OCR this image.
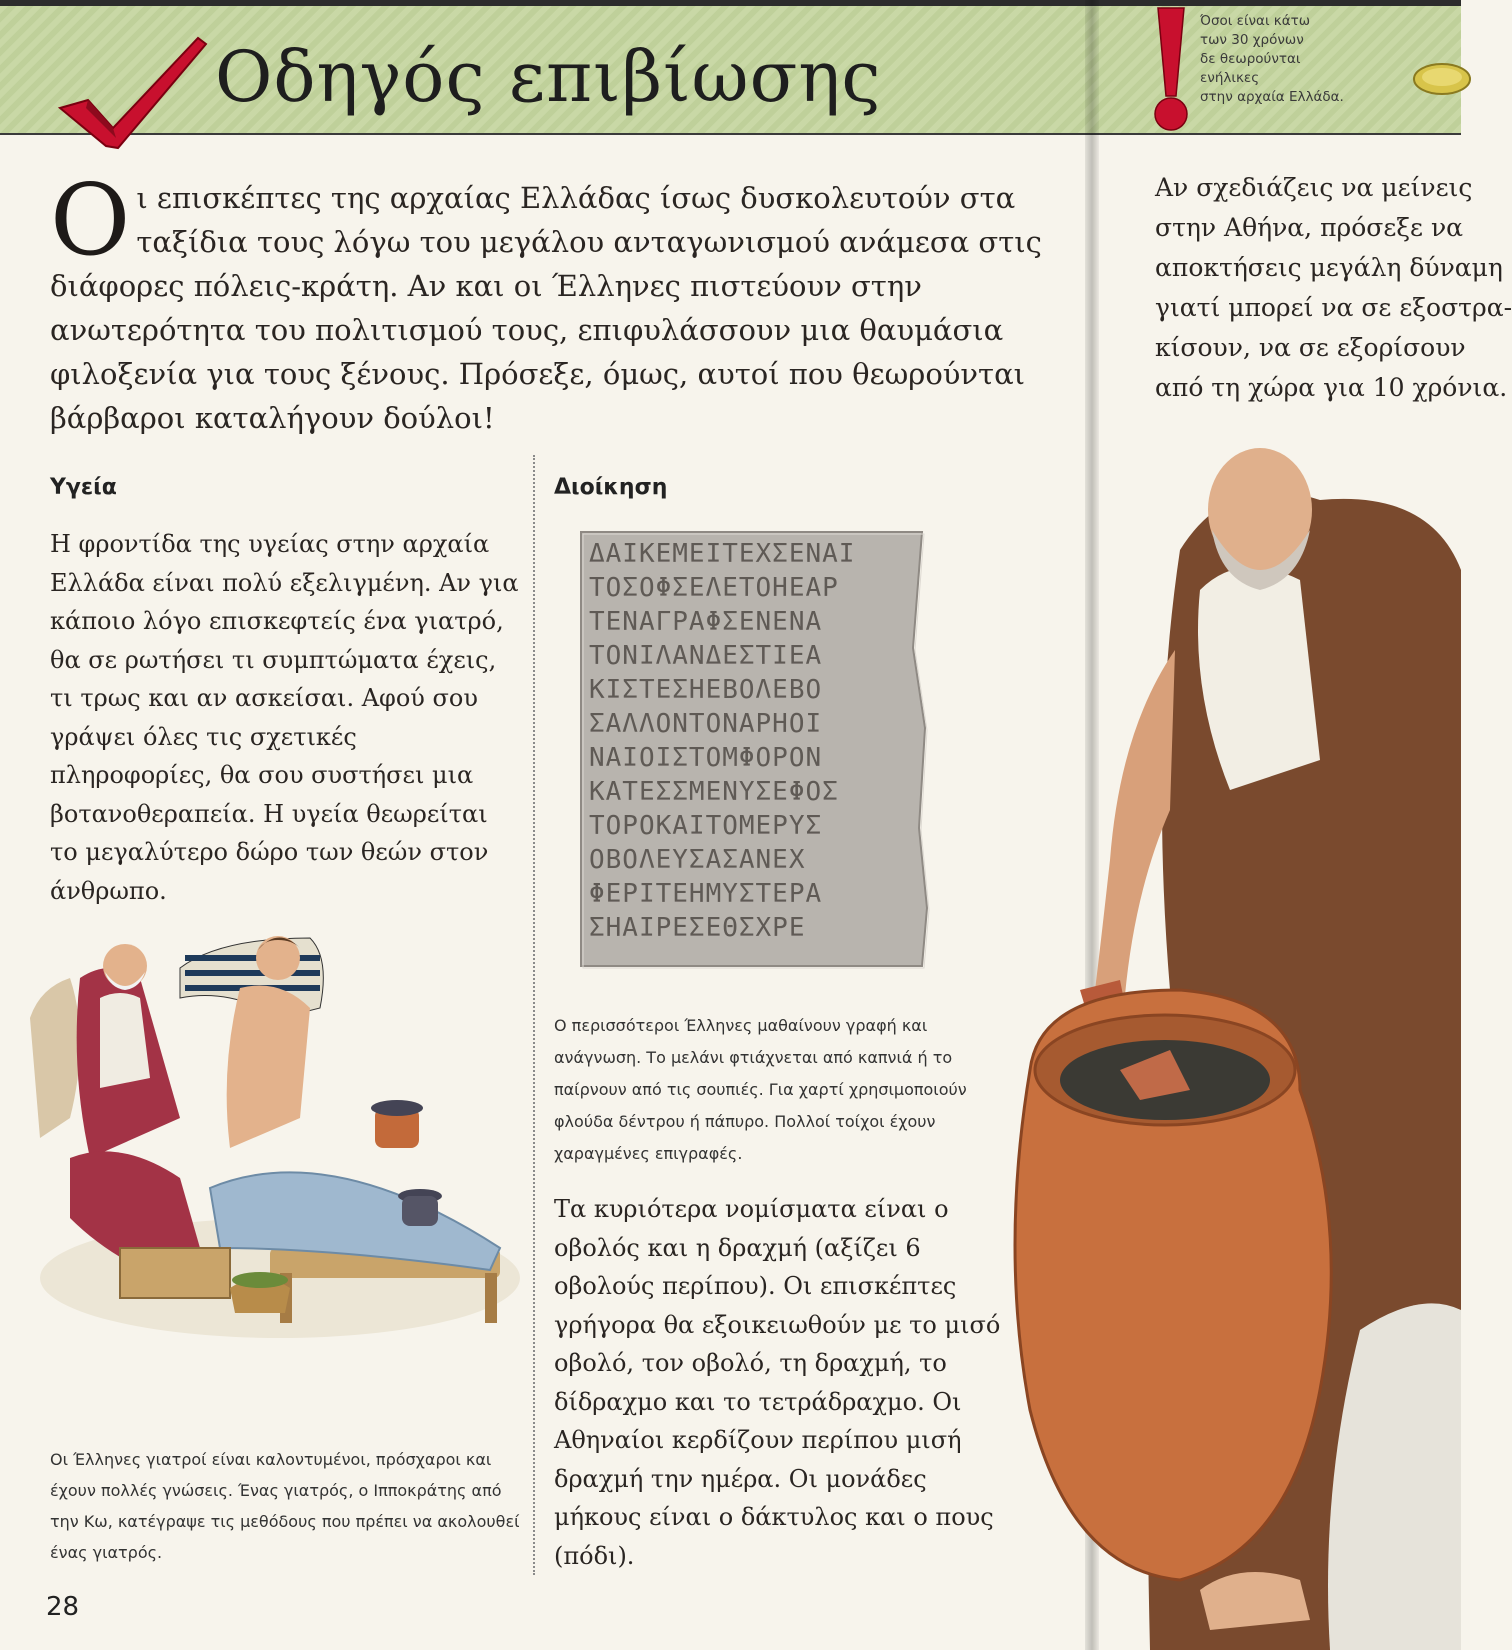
Οδηγός επιβίωσης
Όσοι είναι κάτω
των 30 χρόνων
δε θεωρούνται
ενήλικες
στην αρχαία Ελλάδα.
Ο ι επισκέπτες της αρχαίας Ελλάδας ίσως δυσκολευτούν στα ταξίδια τους λόγω του μεγάλου ανταγωνισμού ανάμεσα στις διάφορες πόλεις-κράτη. Αν και οι Έλληνες πιστεύουν στην ανωτερότητα του πολιτισμού τους, επιφυλάσσουν μια θαυμάσια φιλοξενία για τους ξένους. Πρόσεξε, όμως, αυτοί που θεωρούνται βάρβαροι καταλήγουν δούλοι!
Αν σχεδιάζεις να μείνεις
στην Αθήνα, πρόσεξε να
αποκτήσεις μεγάλη δύναμη
γιατί μπορεί να σε εξοστρα-
κίσουν, να σε εξορίσουν
από τη χώρα για 10 χρόνια.
Υγεία
Η φροντίδα της υγείας στην αρχαία Ελλάδα είναι πολύ εξελιγμένη. Αν για κάποιο λόγο επισκεφτείς ένα γιατρό, θα σε ρωτήσει τι συμπτώματα έχεις, τι τρως και αν ασκείσαι. Αφού σου γράψει όλες τις σχετικές πληροφορίες, θα σου συστήσει μια βοτανοθεραπεία. Η υγεία θεωρείται το μεγαλύτερο δώρο των θεών στον άνθρωπο.
Οι Έλληνες γιατροί είναι καλοντυμένοι, πρόσχαροι και έχουν πολλές γνώσεις. Ένας γιατρός, ο Ιπποκράτης από την Κω, κατέγραψε τις μεθόδους που πρέπει να ακολουθεί ένας γιατρός.
Διοίκηση
ΔΑΙΚΕΜΕΙΤΕΧΣΕΝΑΙ
ΤΟΣΟΦΣΕΛΕΤΟΗΕΑΡ
ΤΕΝΑΓΡΑΦΣΕΝΕΝΑ
ΤΟΝΙΛΑΝΔΕΣΤΙΕΑ
ΚΙΣΤΕΣΗΕΒΟΛΕΒΟ
ΣΑΛΛΟΝΤΟΝΑΡΗΟΙ
ΝΑΙΟΙΣΤΟΜΦΟΡΟΝ
ΚΑΤΕΣΣΜΕΝΥΣΕΦΟΣ
ΤΟΡΟΚΑΙΤΟΜΕΡΥΣ
ΟΒΟΛΕΥΣΑΣΑΝΕΧ
ΦΕΡΙΤΕΗΜΥΣΤΕΡΑ
ΣΗΑΙΡΕΣΕΘΣΧΡΕ
Ο περισσότεροι Έλληνες μαθαίνουν γραφή και ανάγνωση. Το μελάνι φτιάχνεται από καπνιά ή το παίρνουν από τις σουπιές. Για χαρτί χρησιμοποιούν φλούδα δέντρου ή πάπυρο. Πολλοί τοίχοι έχουν χαραγμένες επιγραφές.
Τα κυριότερα νομίσματα είναι ο οβολός και η δραχμή (αξίζει 6 οβολούς περίπου). Οι επισκέπτες γρήγορα θα εξοικειωθούν με το μισό οβολό, τον οβολό, τη δραχμή, το δίδραχμο και το τετράδραχμο. Οι Αθηναίοι κερδίζουν περίπου μισή δραχμή την ημέρα. Οι μονάδες μήκους είναι ο δάκτυλος και ο πους (πόδι).
28
